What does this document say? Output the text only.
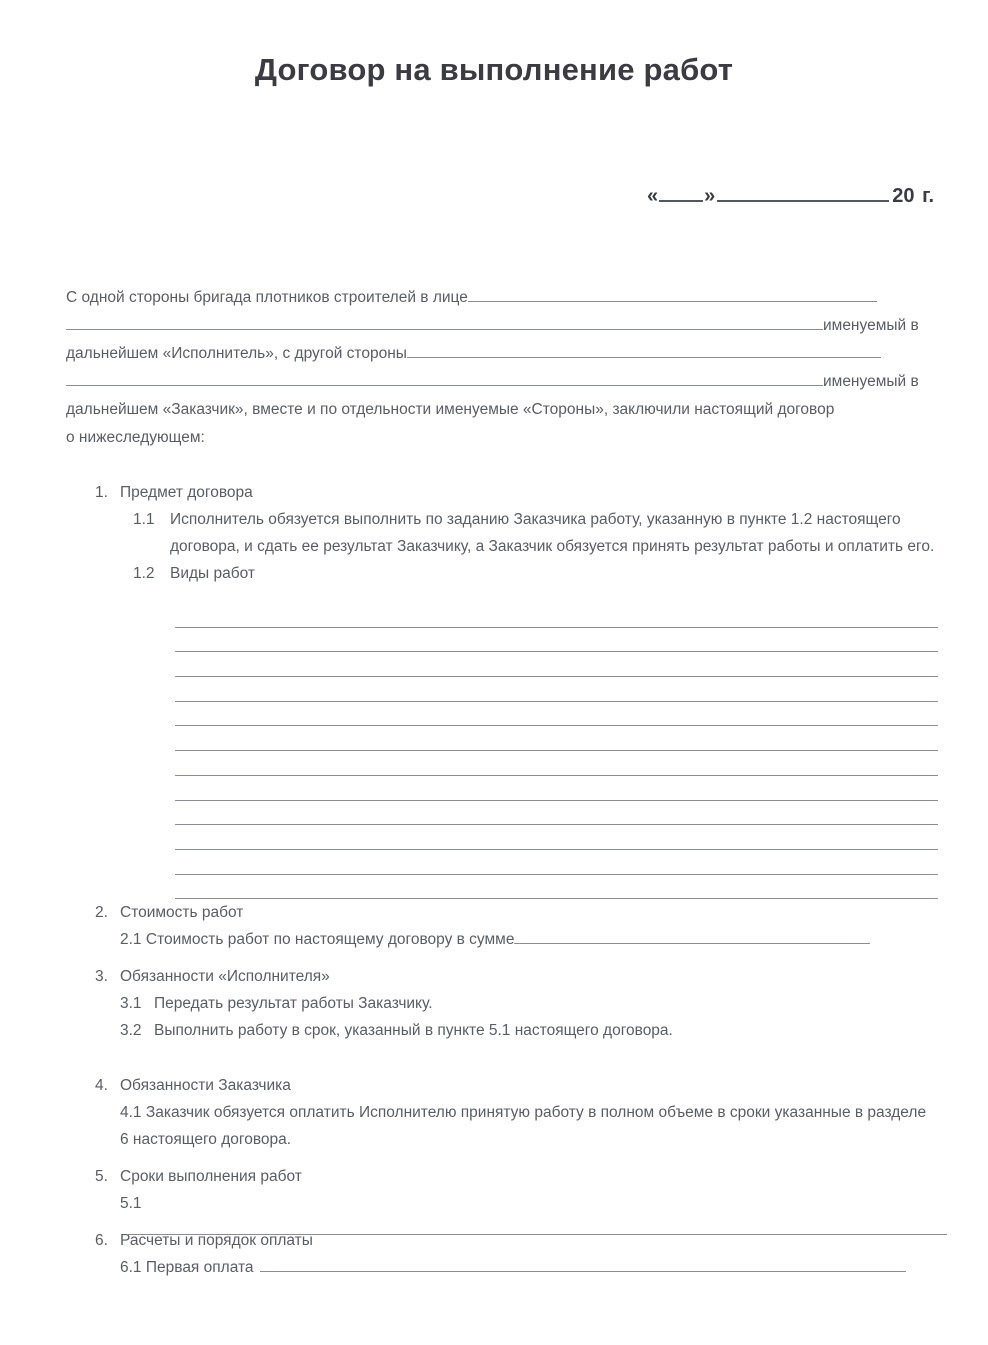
Договор на выполнение работ
« »	20 г.
С одной стороны бригада плотников строителей в лице
именуемый в
дальнейшем «Исполнитель», с другой стороны
именуемый в
дальнейшем «Заказчик», вместе и по отдельности именуемые «Стороны», заключили настоящий договор
о нижеследующем:
1. Предмет договора
1.1 Исполнитель обязуется выполнить по заданию Заказчика работу, указанную в пункте 1.2 настоящего договора, и сдать ее результат Заказчику, а Заказчик обязуется принять результат работы и оплатить его.
1.2 Виды работ
2. Стоимость работ
2.1 Стоимость работ по настоящему договору в сумме
3. Обязанности «Исполнителя»
3.1 Передать результат работы Заказчику.
3.2 Выполнить работу в срок, указанный в пункте 5.1 настоящего договора.
4. Обязанности Заказчика
4.1 Заказчик обязуется оплатить Исполнителю принятую работу в полном объеме в сроки указанные в разделе 6 настоящего договора.
5. Сроки выполнения работ
5.1
6. Расчеты и порядок оплаты
6.1 Первая оплата
